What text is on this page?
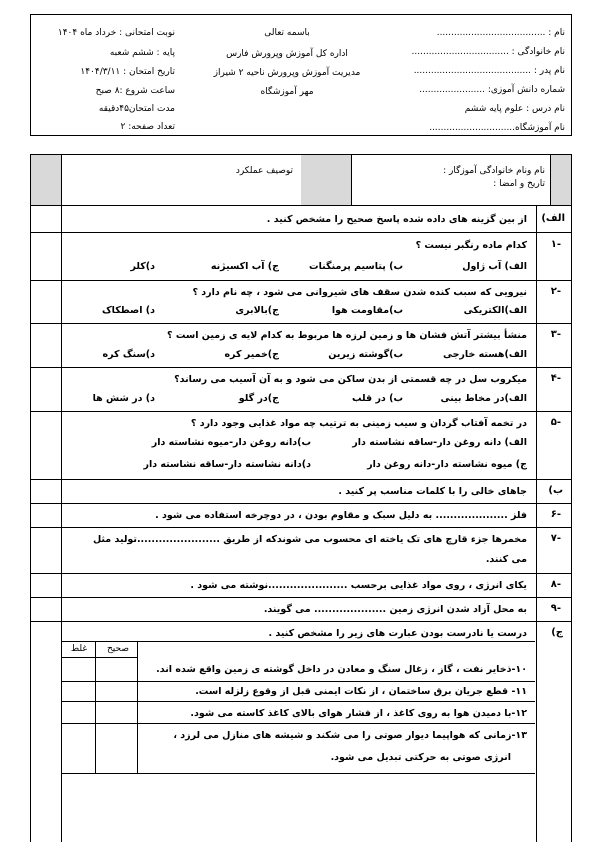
نوبت امتحانی : خرداد ماه ۱۴۰۴
پایه : ششم شعبه
تاریخ امتحان : ۱۴۰۴/۳/۱۱
ساعت شروع :۸ صبح
مدت امتحان۴۵دقیقه
تعداد صفحه: ۲
باسمه تعالی
اداره کل آموزش وپرورش فارس
مدیریت آموزش وپرورش ناحیه ۲ شیراز
مهر آموزشگاه
نام : ......................................
نام خانوادگی : ..................................
نام پدر : .........................................
شماره دانش آموزی: .......................
نام درس : علوم پایه ششم
نام آموزشگاه..............................
توصیف عملکرد	نام ونام خانوادگی آموزگار :
تاریخ و امضا :
الف)
از بین گزینه های داده شده پاسخ صحیح را مشخص کنید .
-۱
کدام ماده رنگبر نیست ؟
الف) آب ژاول
ب) پتاسیم پرمنگنات
ج) آب اکسیژنه
د)کلر
-۲
نیرویی که سبب کنده شدن سقف های شیروانی می شود ، چه نام دارد ؟
الف)الکتریکی
ب)مقاومت هوا
ج)بالابری
د) اصطکاک
-۳
منشأ بیشتر آتش فشان ها و زمین لرزه ها مربوط به کدام لایه ی زمین است ؟
الف)هسته خارجی
ب)گوشته زیرین
ج)خمیر کره
د)سنگ کره
-۴
میکروب سل در چه قسمتی از بدن ساکن می شود و به آن آسیب می رساند؟
الف)در مخاط بینی
ب) در قلب
ج)در گلو
د) در شش ها
-۵
در تخمه آفتاب گردان و سیب زمینی به ترتیب چه مواد غذایی وجود دارد ؟
الف) دانه روغن دار-ساقه نشاسته دار
ب)دانه روغن دار-میوه نشاسته دار
ج) میوه نشاسته دار-دانه روغن دار
د)دانه نشاسته دار-ساقه نشاسته دار
ب)
جاهای خالی را با کلمات مناسب پر کنید .
-۶
فلز .................... به دلیل سبک و مقاوم بودن ، در دوچرخه استفاده می شود .
-۷
مخمرها جزء قارچ های تک یاخته ای محسوب می شوندکه از طریق .......................تولید مثل
می کنند.
-۸
یکای انرژی ، روی مواد غذایی برحسب ......................نوشته می شود .
-۹
به محل آزاد شدن انرژی زمین .................... می گویند.
ج)
درست یا نادرست بودن عبارت های زیر را مشخص کنید .
غلط	صحیح
۱۰-ذخایر نفت ، گاز ، زغال سنگ و معادن در داخل گوشته ی زمین واقع شده اند.
۱۱- قطع جریان برق ساختمان ، از نکات ایمنی قبل از وقوع زلزله است.
۱۲-با دمیدن هوا به روی کاغذ ، از فشار هوای بالای کاغذ کاسته می شود.
۱۳-زمانی که هواپیما دیوار صوتی را می شکند و شیشه های منازل می لرزد ،
انرژی صوتی به حرکتی تبدیل می شود.
